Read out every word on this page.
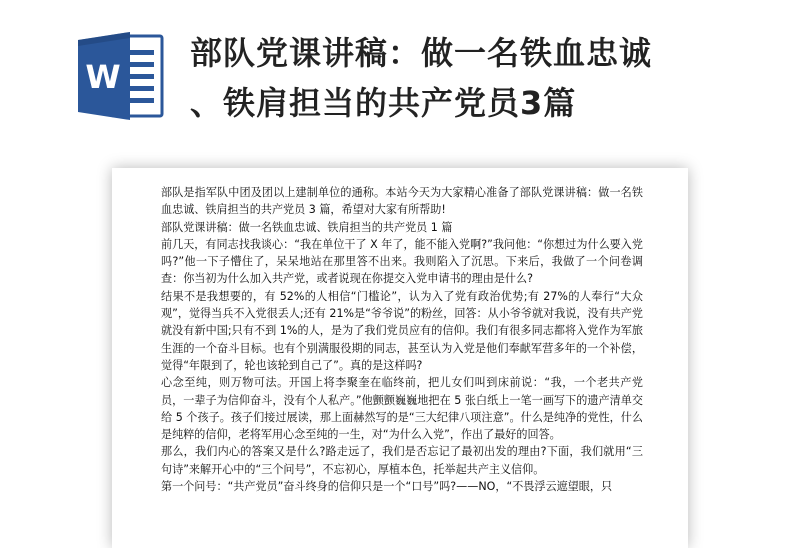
W
部队党课讲稿：做一名铁血忠诚
、铁肩担当的共产党员3篇

部队是指军队中团及团以上建制单位的通称。本站今天为大家精心准备了部队党课讲稿：做一名铁血忠诚、铁肩担当的共产党员 3 篇，希望对大家有所帮助!

部队党课讲稿：做一名铁血忠诚、铁肩担当的共产党员 1 篇

前几天，有同志找我谈心：“我在单位干了 X 年了，能不能入党啊?”我问他：“你想过为什么要入党吗?”他一下子懵住了，呆呆地站在那里答不出来。我则陷入了沉思。下来后，我做了一个问卷调查：你当初为什么加入共产党，或者说现在你提交入党申请书的理由是什么?

结果不是我想要的，有 52%的人相信“门槛论”，认为入了党有政治优势;有 27%的人奉行“大众观”，觉得当兵不入党很丢人;还有 21%是“爷爷说”的粉丝，回答：从小爷爷就对我说，没有共产党就没有新中国;只有不到 1%的人，是为了我们党员应有的信仰。我们有很多同志都将入党作为军旅生涯的一个奋斗目标。也有个别满服役期的同志，甚至认为入党是他们奉献军营多年的一个补偿，觉得“年限到了，轮也该轮到自己了”。真的是这样吗?

心念至纯，则万物可法。开国上将李聚奎在临终前，把儿女们叫到床前说：“我，一个老共产党员，一辈子为信仰奋斗，没有个人私产。”他颤颤巍巍地把在 5 张白纸上一笔一画写下的遗产清单交给 5 个孩子。孩子们接过展读，那上面赫然写的是“三大纪律八项注意”。什么是纯净的党性，什么是纯粹的信仰，老将军用心念至纯的一生，对“为什么入党”，作出了最好的回答。

那么，我们内心的答案又是什么?路走远了，我们是否忘记了最初出发的理由?下面，我们就用“三句诗”来解开心中的“三个问号”，不忘初心，厚植本色，托举起共产主义信仰。

第一个问号：“共产党员”奋斗终身的信仰只是一个“口号”吗?——NO，“不畏浮云遮望眼，只
